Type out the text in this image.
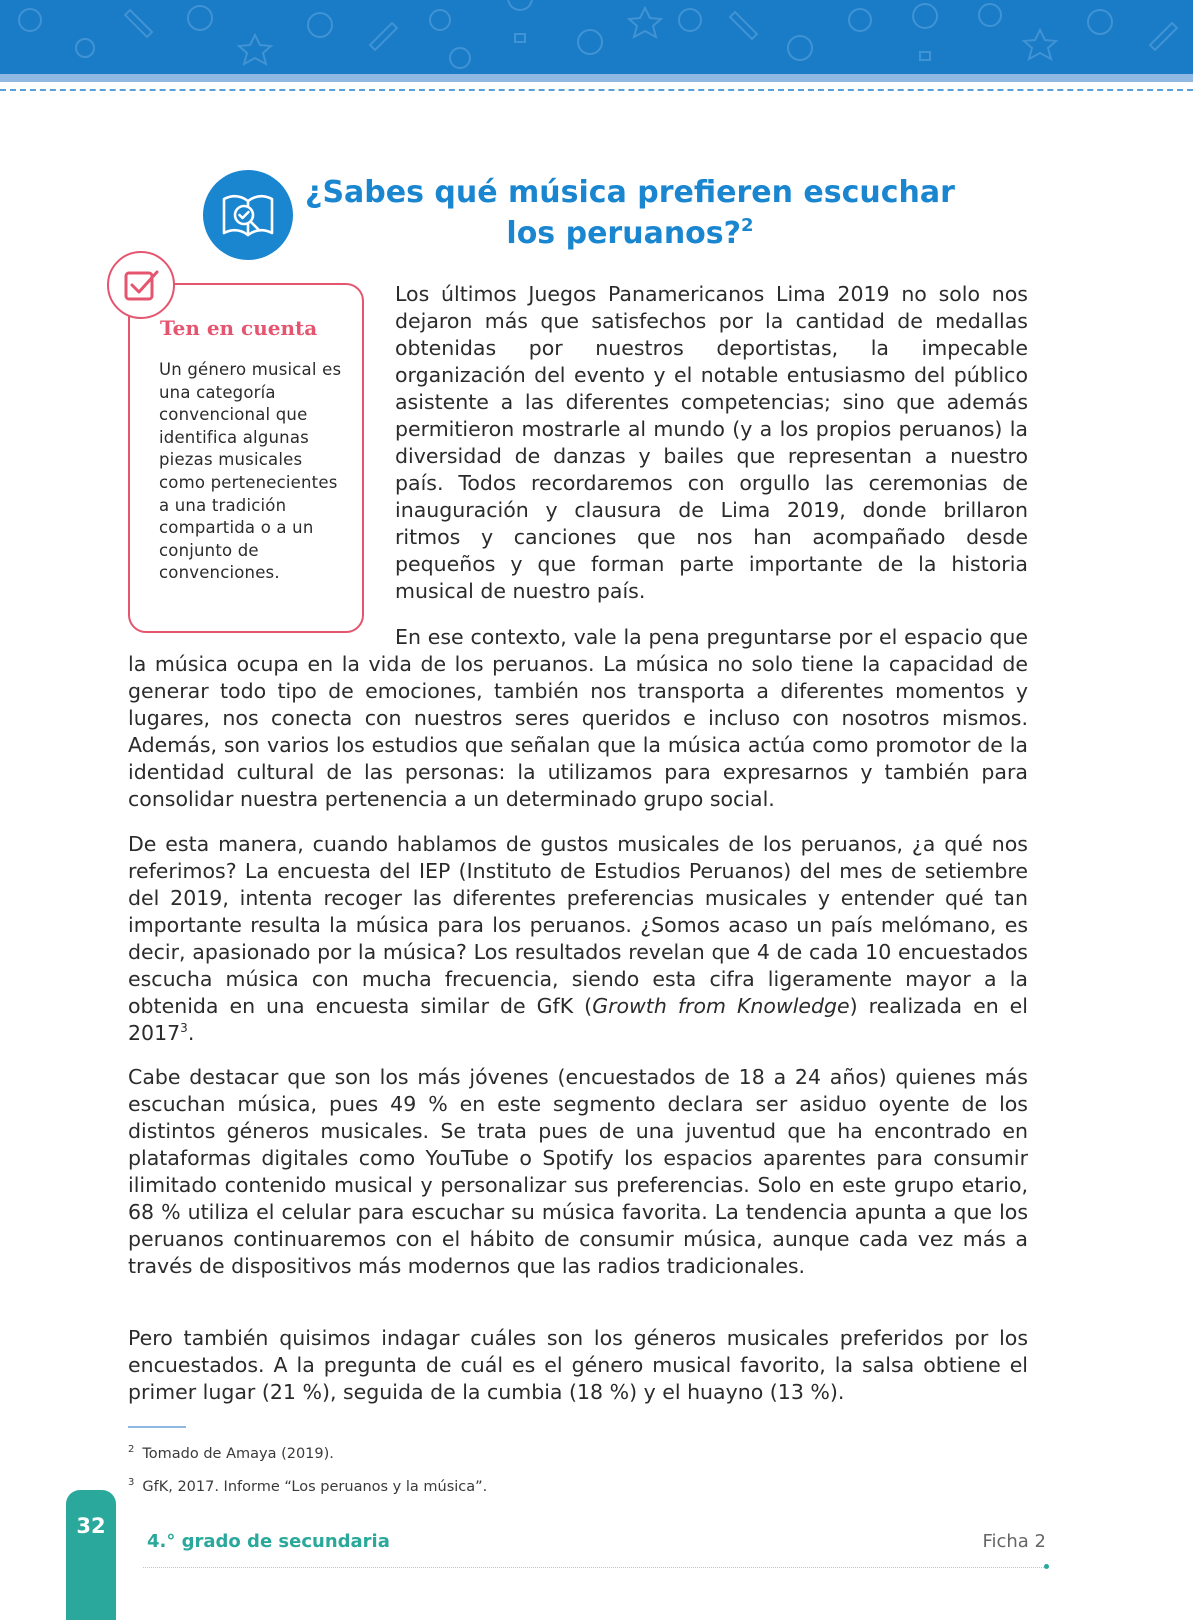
¿Sabes qué música prefieren escuchar
los peruanos?$^2$

Ten en cuenta

Un género musical es una categoría convencional que identifica algunas piezas musicales como pertenecientes a una tradición compartida o a un conjunto de convenciones.

Los últimos Juegos Panamericanos Lima 2019 no solo nos dejaron más que satisfechos por la cantidad de medallas obtenidas por nuestros deportistas, la impecable organización del evento y el notable entusiasmo del público asistente a las diferentes competencias; sino que además permitieron mostrarle al mundo (y a los propios peruanos) la diversidad de danzas y bailes que representan a nuestro país. Todos recordaremos con orgullo las ceremonias de inauguración y clausura de Lima 2019, donde brillaron ritmos y canciones que nos han acompañado desde pequeños y que forman parte importante de la historia musical de nuestro país.

En ese contexto, vale la pena preguntarse por el espacio que la música ocupa en la vida de los peruanos. La música no solo tiene la capacidad de generar todo tipo de emociones, también nos transporta a diferentes momentos y lugares, nos conecta con nuestros seres queridos e incluso con nosotros mismos. Además, son varios los estudios que señalan que la música actúa como promotor de la identidad cultural de las personas: la utilizamos para expresarnos y también para consolidar nuestra pertenencia a un determinado grupo social.

De esta manera, cuando hablamos de gustos musicales de los peruanos, ¿a qué nos referimos? La encuesta del IEP (Instituto de Estudios Peruanos) del mes de setiembre del 2019, intenta recoger las diferentes preferencias musicales y entender qué tan importante resulta la música para los peruanos. ¿Somos acaso un país melómano, es decir, apasionado por la música? Los resultados revelan que 4 de cada 10 encuestados escucha música con mucha frecuencia, siendo esta cifra ligeramente mayor a la obtenida en una encuesta similar de GfK (Growth from Knowledge) realizada en el 2017$^3$.

Cabe destacar que son los más jóvenes (encuestados de 18 a 24 años) quienes más escuchan música, pues 49 % en este segmento declara ser asiduo oyente de los distintos géneros musicales. Se trata pues de una juventud que ha encontrado en plataformas digitales como YouTube o Spotify los espacios aparentes para consumir ilimitado contenido musical y personalizar sus preferencias. Solo en este grupo etario, 68 % utiliza el celular para escuchar su música favorita. La tendencia apunta a que los peruanos continuaremos con el hábito de consumir música, aunque cada vez más a través de dispositivos más modernos que las radios tradicionales.

Pero también quisimos indagar cuáles son los géneros musicales preferidos por los encuestados. A la pregunta de cuál es el género musical favorito, la salsa obtiene el primer lugar (21 %), seguida de la cumbia (18 %) y el huayno (13 %).

$^2$ Tomado de Amaya (2019).

$^3$ GfK, 2017. Informe “Los peruanos y la música”.

32
4.° grado de secundaria	Ficha 2
